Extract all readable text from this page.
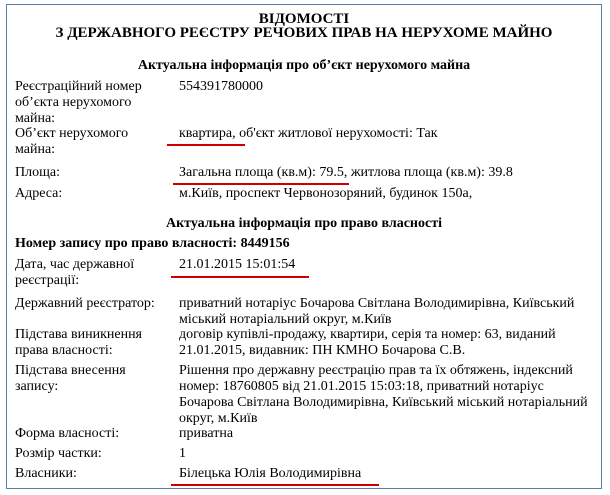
ВІДОМОСТІ
З ДЕРЖАВНОГО РЕЄСТРУ РЕЧОВИХ ПРАВ НА НЕРУХОМЕ МАЙНО
Актуальна інформація про об’єкт нерухомого майна
Реєстраційний номер об’єкта нерухомого майна:
554391780000
Об’єкт нерухомого майна:
квартира, об'єкт житлової нерухомості: Так
Площа:	Загальна площа (кв.м): 79.5, житлова площа (кв.м): 39.8
Адреса:	м.Київ, проспект Червонозоряний, будинок 150а,
Актуальна інформація про право власності
Номер запису про право власності: 8449156
Дата, час державної реєстрації:
21.01.2015 15:01:54
Державний реєстратор:	приватний нотаріус Бочарова Світлана Володимирівна, Київський міський нотаріальний округ, м.Київ
Підстава виникнення права власності:
договір купівлі-продажу, квартири, серія та номер: 63, виданий 21.01.2015, видавник: ПН КМНО Бочарова С.В.
Підстава внесення запису:
Рішення про державну реєстрацію прав та їх обтяжень, індексний номер: 18760805 від 21.01.2015 15:03:18, приватний нотаріус Бочарова Світлана Володимирівна, Київський міський нотаріальний округ, м.Київ
Форма власності:	приватна
Розмір частки:	1
Власники:	Білецька Юлія Володимирівна
